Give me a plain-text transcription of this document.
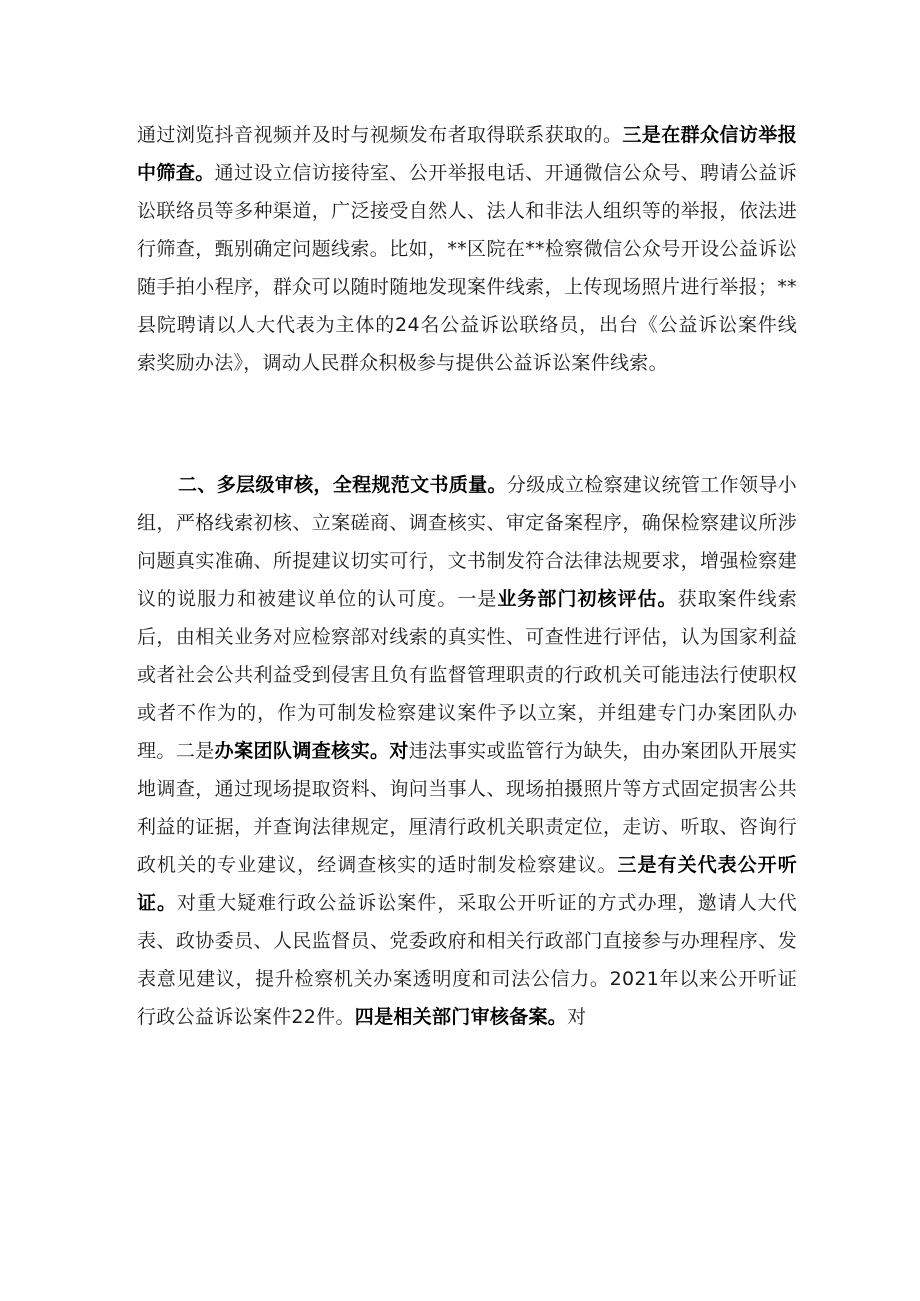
通过浏览抖音视频并及时与视频发布者取得联系获取的。三是在群众信访举报中筛查。通过设立信访接待室、公开举报电话、开通微信公众号、聘请公益诉讼联络员等多种渠道，广泛接受自然人、法人和非法人组织等的举报，依法进行筛查，甄别确定问题线索。比如，**区院在**检察微信公众号开设公益诉讼随手拍小程序，群众可以随时随地发现案件线索，上传现场照片进行举报；**县院聘请以人大代表为主体的24名公益诉讼联络员，出台《公益诉讼案件线索奖励办法》，调动人民群众积极参与提供公益诉讼案件线索。

二、多层级审核，全程规范文书质量。分级成立检察建议统管工作领导小组，严格线索初核、立案磋商、调查核实、审定备案程序，确保检察建议所涉问题真实准确、所提建议切实可行，文书制发符合法律法规要求，增强检察建议的说服力和被建议单位的认可度。一是业务部门初核评估。获取案件线索后，由相关业务对应检察部对线索的真实性、可查性进行评估，认为国家利益或者社会公共利益受到侵害且负有监督管理职责的行政机关可能违法行使职权或者不作为的，作为可制发检察建议案件予以立案，并组建专门办案团队办理。二是办案团队调查核实。对违法事实或监管行为缺失，由办案团队开展实地调查，通过现场提取资料、询问当事人、现场拍摄照片等方式固定损害公共利益的证据，并查询法律规定，厘清行政机关职责定位，走访、听取、咨询行政机关的专业建议，经调查核实的适时制发检察建议。三是有关代表公开听证。对重大疑难行政公益诉讼案件，采取公开听证的方式办理，邀请人大代表、政协委员、人民监督员、党委政府和相关行政部门直接参与办理程序、发表意见建议，提升检察机关办案透明度和司法公信力。2021年以来公开听证行政公益诉讼案件22件。四是相关部门审核备案。对
